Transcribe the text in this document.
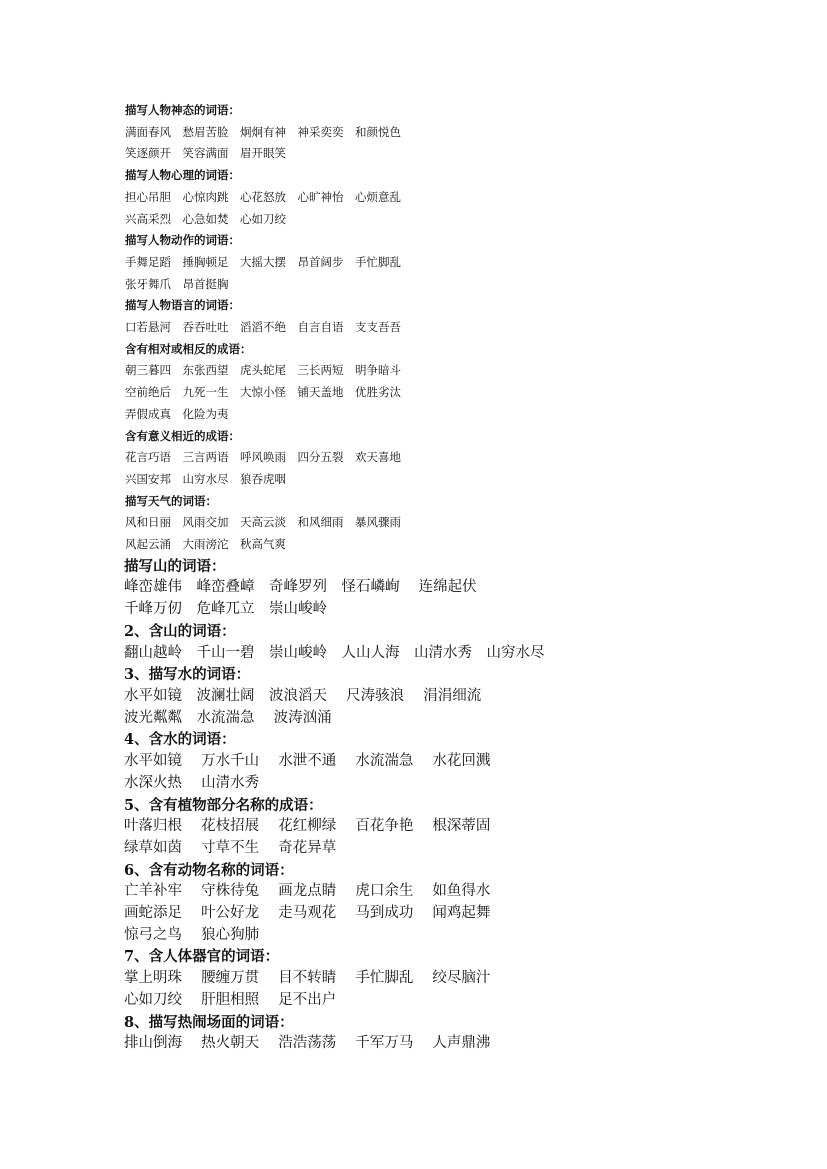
描写人物神态的词语：
满面春风　愁眉苦脸　炯炯有神　神采奕奕　和颜悦色
笑逐颜开　笑容满面　眉开眼笑
描写人物心理的词语：
担心吊胆　心惊肉跳　心花怒放　心旷神怡　心烦意乱
兴高采烈　心急如焚　心如刀绞
描写人物动作的词语：
手舞足蹈　捶胸顿足　大摇大摆　昂首阔步　手忙脚乱
张牙舞爪　昂首挺胸
描写人物语言的词语：
口若悬河　吞吞吐吐　滔滔不绝　自言自语　支支吾吾
含有相对或相反的成语：
朝三暮四　东张西望　虎头蛇尾　三长两短　明争暗斗
空前绝后　九死一生　大惊小怪　铺天盖地　优胜劣汰
弄假成真　化险为夷
含有意义相近的成语：
花言巧语　三言两语　呼风唤雨　四分五裂　欢天喜地
兴国安邦　山穷水尽　狼吞虎咽
描写天气的词语：
风和日丽　风雨交加　天高云淡　和风细雨　暴风骤雨
风起云涌　大雨滂沱　秋高气爽
描写山的词语：
峰峦雄伟　峰峦叠嶂　奇峰罗列　怪石嶙峋　 连绵起伏
千峰万仞　危峰兀立　崇山峻岭
2、含山的词语：
翻山越岭　千山一碧　崇山峻岭　人山人海　山清水秀　山穷水尽
3、描写水的词语：
水平如镜　波澜壮阔　波浪滔天　 尺涛骇浪　 涓涓细流
波光粼粼　水流湍急　 波涛汹涌
4、含水的词语：
水平如镜　 万水千山　 水泄不通　 水流湍急　 水花回溅
水深火热　 山清水秀
5、含有植物部分名称的成语：
叶落归根　 花枝招展　 花红柳绿　 百花争艳　 根深蒂固
绿草如茵　 寸草不生　 奇花异草
6、含有动物名称的词语：
亡羊补牢　 守株待兔　 画龙点睛　 虎口余生　 如鱼得水
画蛇添足　 叶公好龙　 走马观花　 马到成功　 闻鸡起舞
惊弓之鸟　 狼心狗肺
7、含人体器官的词语：
掌上明珠　 腰缠万贯　 目不转睛　 手忙脚乱　 绞尽脑汁
心如刀绞　 肝胆相照　 足不出户
8、描写热闹场面的词语：
排山倒海　 热火朝天　 浩浩荡荡　 千军万马　 人声鼎沸
